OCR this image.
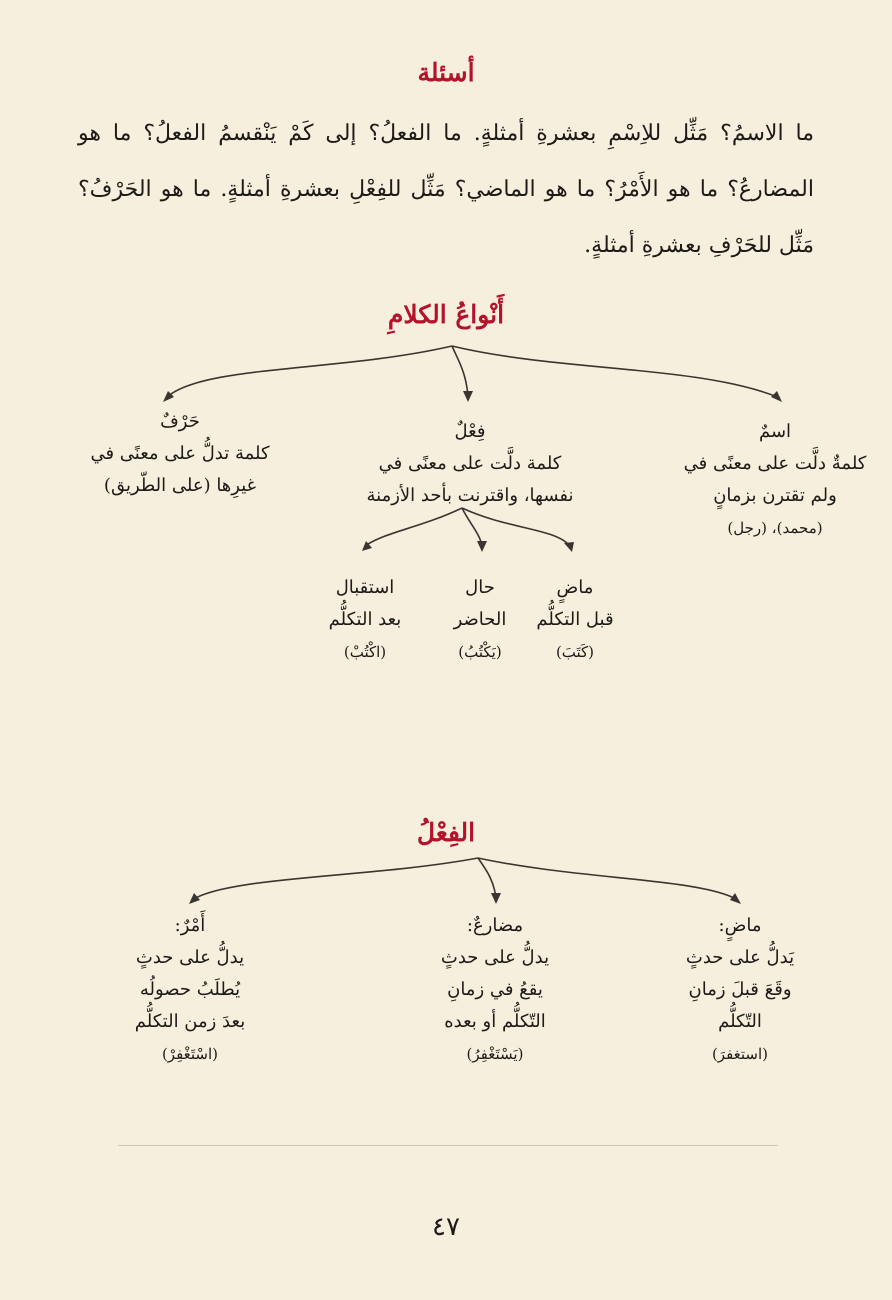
أسئلة
ما الاسمُ؟ مَثِّل للاِسْمِ بعشرةِ أمثلةٍ. ما الفعلُ؟ إلى كَمْ يَنْقسمُ الفعلُ؟ ما هو المضارعُ؟ ما هو الأَمْرُ؟ ما هو الماضي؟ مَثِّل للفِعْلِ بعشرةِ أمثلةٍ. ما هو الحَرْفُ؟ مَثِّل للحَرْفِ بعشرةِ أمثلةٍ.
أَنْواعُ الكلامِ
اسمٌ
كلمةٌ دلَّت على معنًى في
ولم تقترن بزمانٍ
(محمد)، (رجل)
فِعْلٌ
كلمة دلَّت على معنًى في
نفسها، واقترنت بأحد الأزمنة
حَرْفٌ
كلمة تدلُّ على معنًى في
غيرِها (على الطّريق)
ماضٍ
قبل التكلُّم
(كَتَبَ)
حال
الحاضر
(يَكْتُبُ)
استقبال
بعد التكلُّم
(اكْتُبْ)
الفِعْلُ
ماضٍ:
يَدلُّ على حدثٍ
وقَعَ قبلَ زمانِ
التّكلُّم
(استغفرَ)
مضارعٌ:
يدلُّ على حدثٍ
يقعُ في زمانِ
التّكلُّم أو بعده
(يَسْتَغْفِرُ)
أَمْرٌ:
يدلُّ على حدثٍ
يُطلَبُ حصولُه
بعدَ زمن التكلُّم
(اسْتَغْفِرْ)
٤٧
